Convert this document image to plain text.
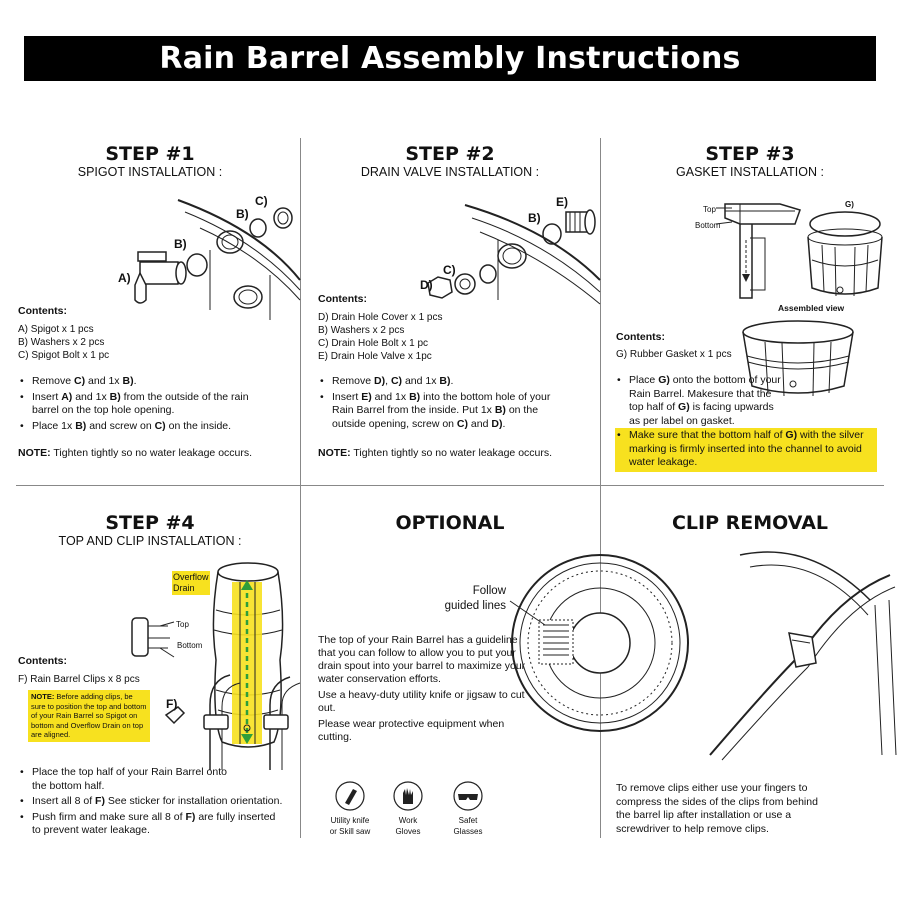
Rain Barrel Assembly Instructions
STEP #1
SPIGOT INSTALLATION :
A)
B)
B)
C)
Contents:
A) Spigot x 1 pcs
B) Washers x 2 pcs
C) Spigot Bolt x 1 pc
• Remove C) and 1x B).
• Insert A) and 1x B) from the outside of the rain barrel on the top hole opening.
• Place 1x B) and screw on C) on the inside.
NOTE: Tighten tightly so no water leakage occurs.
STEP #2
DRAIN VALVE INSTALLATION :
E)
B)
C)
D)
Contents:
D) Drain Hole Cover x 1 pcs
B) Washers x 2 pcs
C) Drain Hole Bolt x 1 pc
E) Drain Hole Valve x 1pc
• Remove D), C) and 1x B).
• Insert E) and 1x B) into the bottom hole of your Rain Barrel from the inside. Put 1x B) on the outside opening, screw on C) and D).
NOTE: Tighten tightly so no water leakage occurs.
STEP #3
GASKET INSTALLATION :
Top
Bottom
G)
Assembled view
Contents:
G) Rubber Gasket x 1 pcs
• Place G) onto the bottom of your Rain Barrel. Makesure that the top half of G) is facing upwards as per label on gasket.
• Make sure that the bottom half of G) with the silver marking is firmly inserted into the channel to avoid water leakage.
STEP #4
TOP AND CLIP INSTALLATION :
Overflow Drain
Top
Bottom
Contents:
F) Rain Barrel Clips x 8 pcs
NOTE: Before adding clips, be sure to position the top and bottom of your Rain Barrel so Spigot on bottom and Overflow Drain on top are aligned.
F)
• Place the top half of your Rain Barrel onto the bottom half.
• Insert all 8 of F) See sticker for installation orientation.
• Push firm and make sure all 8 of F) are fully inserted to prevent water leakage.
OPTIONAL
Follow
guided lines

The top of your Rain Barrel has a guideline that you can follow to allow you to put your drain spout into your barrel to maximize your water conservation efforts.

Use a heavy-duty utility knife or jigsaw to cut out.

Please wear protective equipment when cutting.

Utility knife
or Skill saw
Work
Gloves
Safet
Glasses
CLIP REMOVAL
To remove clips either use your fingers to compress the sides of the clips from behind the barrel lip after installation or use a screwdriver to help remove clips.
